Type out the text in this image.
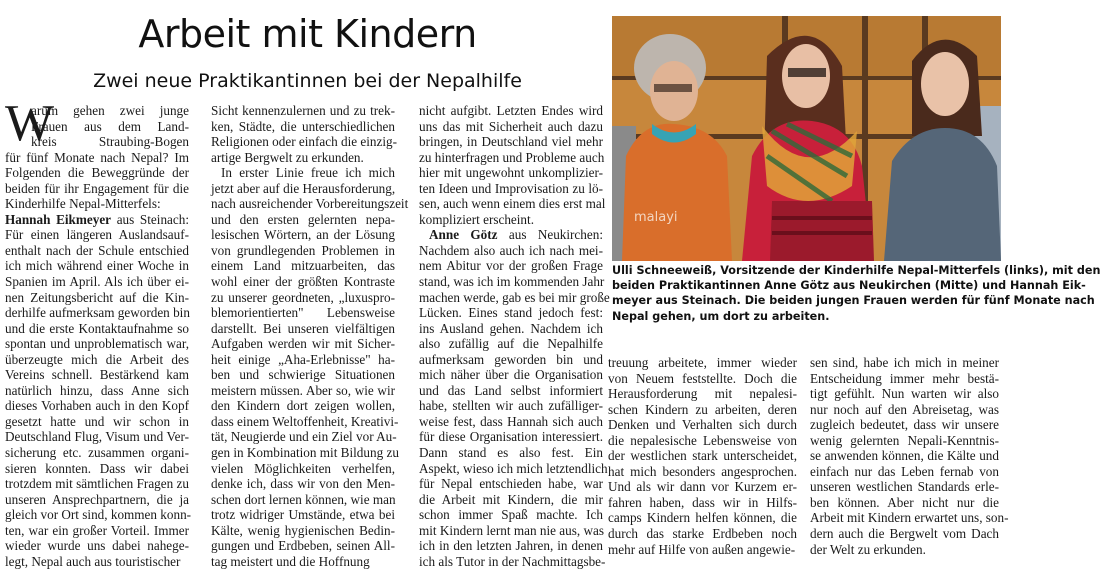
Arbeit mit Kindern
Zwei neue Praktikantinnen bei der Nepalhilfe
W
arum gehen zwei junge
Frauen aus dem Land-
kreis Straubing-Bogen
für fünf Monate nach Nepal? Im
Folgenden die Beweggründe der
beiden für ihr Engagement für die
Kinderhilfe Nepal-Mitterfels:
Hannah Eikmeyer aus Steinach:
Für einen längeren Auslandsauf-
enthalt nach der Schule entschied
ich mich während einer Woche in
Spanien im April. Als ich über ei-
nen Zeitungsbericht auf die Kin-
derhilfe aufmerksam geworden bin
und die erste Kontaktaufnahme so
spontan und unproblematisch war,
überzeugte mich die Arbeit des
Vereins schnell. Bestärkend kam
natürlich hinzu, dass Anne sich
dieses Vorhaben auch in den Kopf
gesetzt hatte und wir schon in
Deutschland Flug, Visum und Ver-
sicherung etc. zusammen organi-
sieren konnten. Dass wir dabei
trotzdem mit sämtlichen Fragen zu
unseren Ansprechpartnern, die ja
gleich vor Ort sind, kommen konn-
ten, war ein großer Vorteil. Immer
wieder wurde uns dabei nahege-
legt, Nepal auch aus touristischer
Sicht kennenzulernen und zu trek-
ken, Städte, die unterschiedlichen
Religionen oder einfach die einzig-
artige Bergwelt zu erkunden.
In erster Linie freue ich mich
jetzt aber auf die Herausforderung,
nach ausreichender Vorbereitungszeit
und den ersten gelernten nepa-
lesischen Wörtern, an der Lösung
von grundlegenden Problemen in
einem Land mitzuarbeiten, das
wohl einer der größten Kontraste
zu unserer geordneten, „luxuspro-
blemorientierten" Lebensweise
darstellt. Bei unseren vielfältigen
Aufgaben werden wir mit Sicher-
heit einige „Aha-Erlebnisse" ha-
ben und schwierige Situationen
meistern müssen. Aber so, wie wir
den Kindern dort zeigen wollen,
dass einem Weltoffenheit, Kreativi-
tät, Neugierde und ein Ziel vor Au-
gen in Kombination mit Bildung zu
vielen Möglichkeiten verhelfen,
denke ich, dass wir von den Men-
schen dort lernen können, wie man
trotz widriger Umstände, etwa bei
Kälte, wenig hygienischen Bedin-
gungen und Erdbeben, seinen All-
tag meistert und die Hoffnung
nicht aufgibt. Letzten Endes wird
uns das mit Sicherheit auch dazu
bringen, in Deutschland viel mehr
zu hinterfragen und Probleme auch
hier mit ungewohnt unkomplizier-
ten Ideen und Improvisation zu lö-
sen, auch wenn einem dies erst mal
kompliziert erscheint.
Anne Götz aus Neukirchen:
Nachdem also auch ich nach mei-
nem Abitur vor der großen Frage
stand, was ich im kommenden Jahr
machen werde, gab es bei mir große
Lücken. Eines stand jedoch fest:
ins Ausland gehen. Nachdem ich
also zufällig auf die Nepalhilfe
aufmerksam geworden bin und
mich näher über die Organisation
und das Land selbst informiert
habe, stellten wir auch zufälliger-
weise fest, dass Hannah sich auch
für diese Organisation interessiert.
Dann stand es also fest. Ein
Aspekt, wieso ich mich letztendlich
für Nepal entschieden habe, war
die Arbeit mit Kindern, die mir
schon immer Spaß machte. Ich
mit Kindern lernt man nie aus, was
ich in den letzten Jahren, in denen
ich als Tutor in der Nachmittagsbe-
treuung arbeitete, immer wieder
von Neuem feststellte. Doch die
Herausforderung mit nepalesi-
schen Kindern zu arbeiten, deren
Denken und Verhalten sich durch
die nepalesische Lebensweise von
der westlichen stark unterscheidet,
hat mich besonders angesprochen.
Und als wir dann vor Kurzem er-
fahren haben, dass wir in Hilfs-
camps Kindern helfen können, die
durch das starke Erdbeben noch
mehr auf Hilfe von außen angewie-
sen sind, habe ich mich in meiner
Entscheidung immer mehr bestä-
tigt gefühlt. Nun warten wir also
nur noch auf den Abreisetag, was
zugleich bedeutet, dass wir unsere
wenig gelernten Nepali-Kenntnis-
se anwenden können, die Kälte und
einfach nur das Leben fernab von
unseren westlichen Standards erle-
ben können. Aber nicht nur die
Arbeit mit Kindern erwartet uns, son-
dern auch die Bergwelt vom Dach
der Welt zu erkunden.
malayi
Ulli Schneeweiß, Vorsitzende der Kinderhilfe Nepal-Mitterfels (links), mit den
beiden Praktikantinnen Anne Götz aus Neukirchen (Mitte) und Hannah Eik-
meyer aus Steinach. Die beiden jungen Frauen werden für fünf Monate nach
Nepal gehen, um dort zu arbeiten.
